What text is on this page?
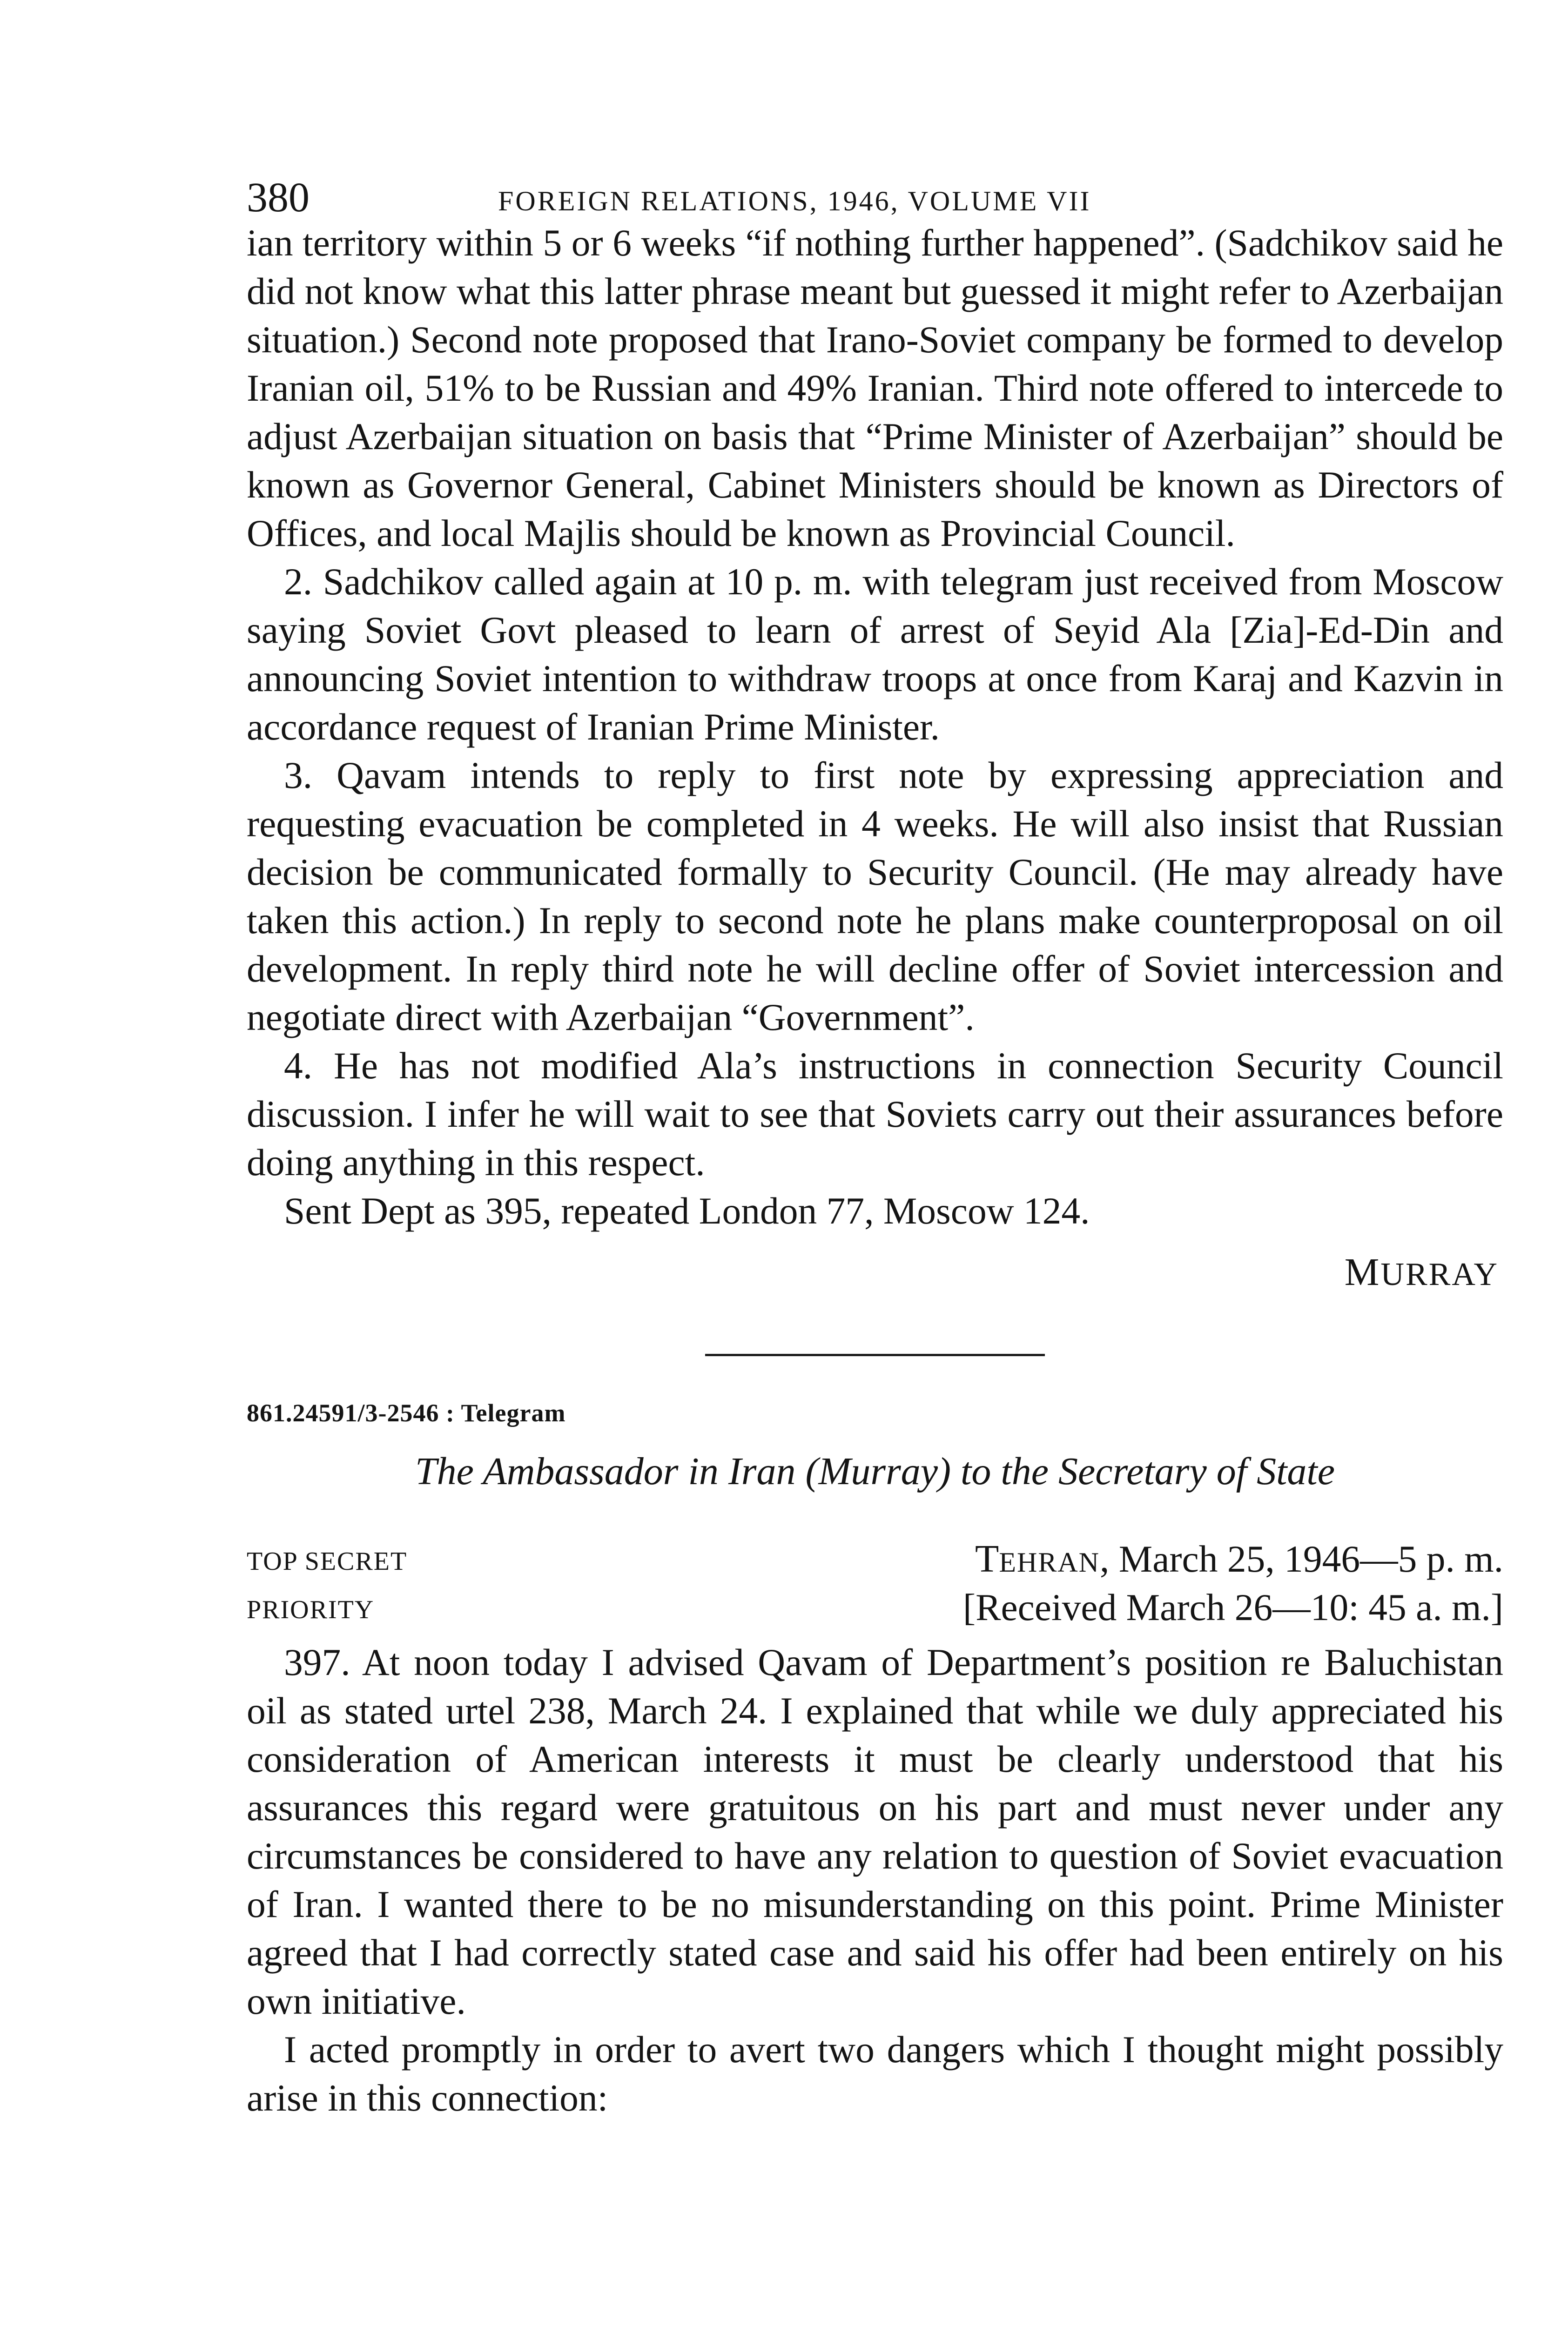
380	FOREIGN RELATIONS, 1946, VOLUME VII

ian territory within 5 or 6 weeks “if nothing further happened”. (Sadchikov said he did not know what this latter phrase meant but guessed it might refer to Azerbaijan situation.) Second note proposed that Irano-Soviet company be formed to develop Iranian oil, 51% to be Russian and 49% Iranian. Third note offered to intercede to adjust Azerbaijan situation on basis that “Prime Minister of Azerbaijan” should be known as Governor General, Cabinet Ministers should be known as Directors of Offices, and local Majlis should be known as Provincial Council.

2. Sadchikov called again at 10 p. m. with telegram just received from Moscow saying Soviet Govt pleased to learn of arrest of Seyid Ala [Zia]-Ed-Din and announcing Soviet intention to withdraw troops at once from Karaj and Kazvin in accordance request of Iranian Prime Minister.

3. Qavam intends to reply to first note by expressing appreciation and requesting evacuation be completed in 4 weeks. He will also insist that Russian decision be communicated formally to Security Council. (He may already have taken this action.) In reply to second note he plans make counterproposal on oil development. In reply third note he will decline offer of Soviet intercession and negotiate direct with Azerbaijan “Government”.

4. He has not modified Ala’s instructions in connection Security Council discussion. I infer he will wait to see that Soviets carry out their assurances before doing anything in this respect.

Sent Dept as 395, repeated London 77, Moscow 124.

MURRAY
861.24591/3-2546 : Telegram
The Ambassador in Iran (Murray) to the Secretary of State
TOP SECRET	TEHRAN, March 25, 1946—5 p. m.
PRIORITY	[Received March 26—10: 45 a. m.]

397. At noon today I advised Qavam of Department’s position re Baluchistan oil as stated urtel 238, March 24. I explained that while we duly appreciated his consideration of American interests it must be clearly understood that his assurances this regard were gratuitous on his part and must never under any circumstances be considered to have any relation to question of Soviet evacuation of Iran. I wanted there to be no misunderstanding on this point. Prime Minister agreed that I had correctly stated case and said his offer had been entirely on his own initiative.

I acted promptly in order to avert two dangers which I thought might possibly arise in this connection:
